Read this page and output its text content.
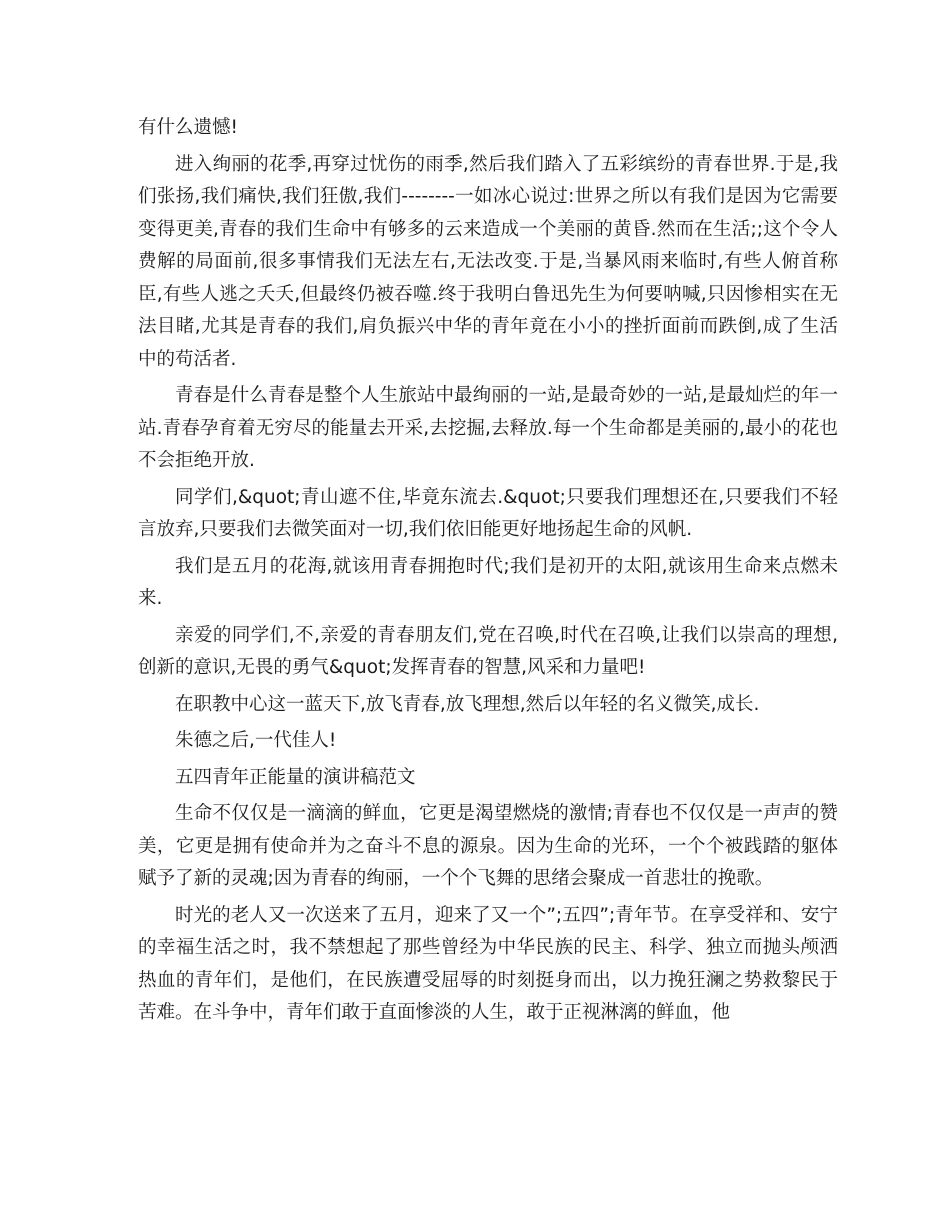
有什么遗憾!

进入绚丽的花季,再穿过忧伤的雨季,然后我们踏入了五彩缤纷的青春世界.于是,我们张扬,我们痛快,我们狂傲,我们--------一如冰心说过:世界之所以有我们是因为它需要变得更美,青春的我们生命中有够多的云来造成一个美丽的黄昏.然而在生活;;这个令人费解的局面前,很多事情我们无法左右,无法改变.于是,当暴风雨来临时,有些人俯首称臣,有些人逃之夭夭,但最终仍被吞噬.终于我明白鲁迅先生为何要呐喊,只因惨相实在无法目睹,尤其是青春的我们,肩负振兴中华的青年竟在小小的挫折面前而跌倒,成了生活中的苟活者.

青春是什么青春是整个人生旅站中最绚丽的一站,是最奇妙的一站,是最灿烂的年一站.青春孕育着无穷尽的能量去开采,去挖掘,去释放.每一个生命都是美丽的,最小的花也不会拒绝开放.

同学们,&quot;青山遮不住,毕竟东流去.&quot;只要我们理想还在,只要我们不轻言放弃,只要我们去微笑面对一切,我们依旧能更好地扬起生命的风帆.

我们是五月的花海,就该用青春拥抱时代;我们是初开的太阳,就该用生命来点燃未来.

亲爱的同学们,不,亲爱的青春朋友们,党在召唤,时代在召唤,让我们以崇高的理想,创新的意识,无畏的勇气&quot;发挥青春的智慧,风采和力量吧!

在职教中心这一蓝天下,放飞青春,放飞理想,然后以年轻的名义微笑,成长.

朱德之后,一代佳人!

五四青年正能量的演讲稿范文

生命不仅仅是一滴滴的鲜血，它更是渴望燃烧的激情;青春也不仅仅是一声声的赞美，它更是拥有使命并为之奋斗不息的源泉。因为生命的光环，一个个被践踏的躯体赋予了新的灵魂;因为青春的绚丽，一个个飞舞的思绪会聚成一首悲壮的挽歌。

时光的老人又一次送来了五月，迎来了又一个”;五四”;青年节。在享受祥和、安宁的幸福生活之时，我不禁想起了那些曾经为中华民族的民主、科学、独立而抛头颅洒热血的青年们，是他们，在民族遭受屈辱的时刻挺身而出，以力挽狂澜之势救黎民于苦难。在斗争中，青年们敢于直面惨淡的人生，敢于正视淋漓的鲜血，他
